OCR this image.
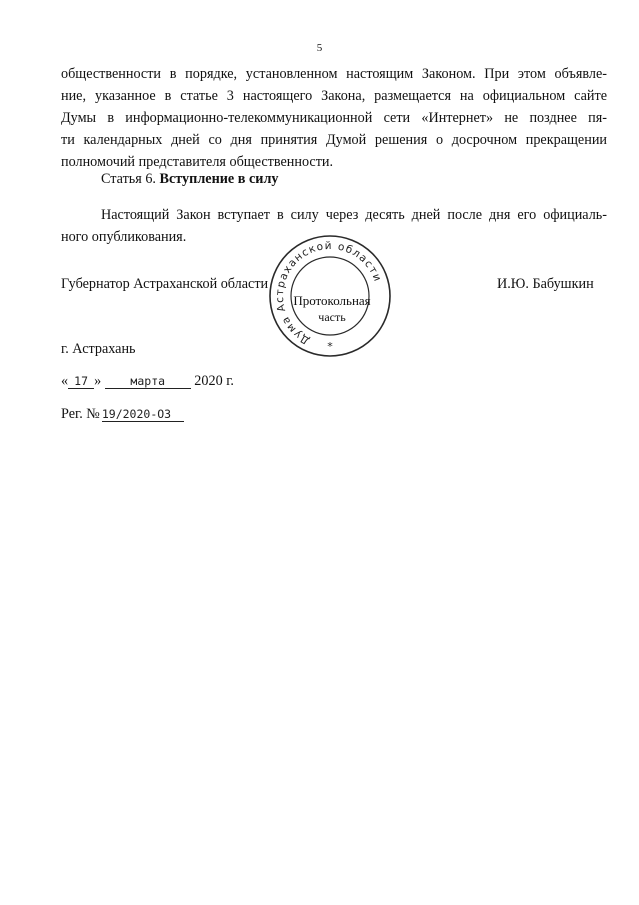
5

общественности в порядке, установленном настоящим Законом. При этом объявле-
ние, указанное в статье 3 настоящего Закона, размещается на официальном сайте
Думы в информационно-телекоммуникационной сети «Интернет» не позднее пя-
ти календарных дней со дня принятия Думой решения о досрочном прекращении
полномочий представителя общественности.

Статья 6. Вступление в силу

Настоящий Закон вступает в силу через десять дней после дня его официаль-
ного опубликования.

Губернатор Астраханской области	И.Ю. Бабушкин
Дума Астраханской области
*
Протокольная
часть
г. Астрахань
« 17 »	марта 2020 г.
Рег. № 19/2020-ОЗ
